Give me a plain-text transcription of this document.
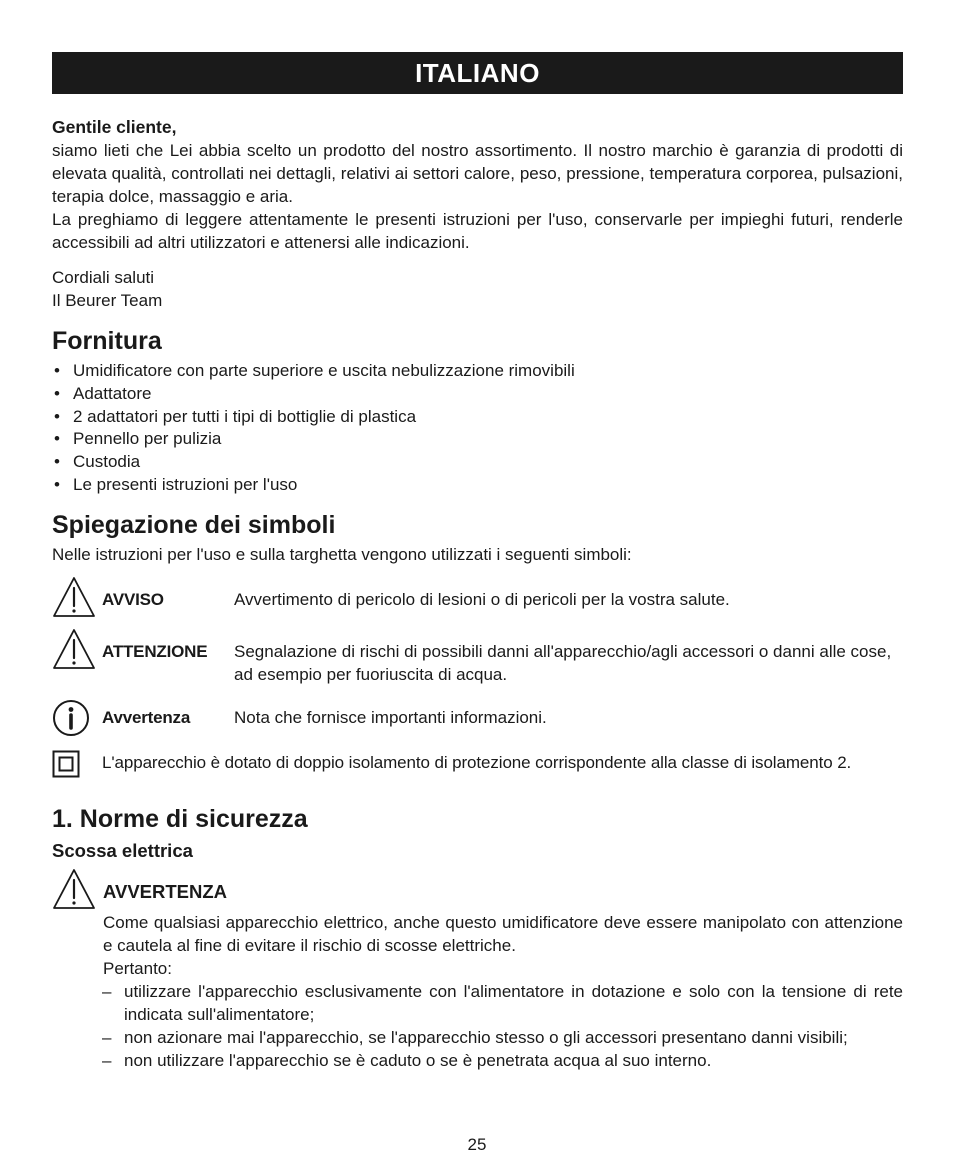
ITALIANO
Gentile cliente,

siamo lieti che Lei abbia scelto un prodotto del nostro assortimento. Il nostro marchio è garanzia di prodotti di elevata qualità, controllati nei dettagli, relativi ai settori calore, peso, pressione, temperatura corporea, pulsazioni, terapia dolce, massaggio e aria.

La preghiamo di leggere attentamente le presenti istruzioni per l'uso, conservarle per impieghi futuri, renderle accessibili ad altri utilizzatori e attenersi alle indicazioni.

Cordiali saluti
Il Beurer Team
Fornitura
• Umidificatore con parte superiore e uscita nebulizzazione rimovibili
• Adattatore
• 2 adattatori per tutti i tipi di bottiglie di plastica
• Pennello per pulizia
• Custodia
• Le presenti istruzioni per l'uso
Spiegazione dei simboli
Nelle istruzioni per l'uso e sulla targhetta vengono utilizzati i seguenti simboli:
AVVISO	Avvertimento di pericolo di lesioni o di pericoli per la vostra salute.
ATTENZIONE Segnalazione di rischi di possibili danni all'apparecchio/agli accessori o danni alle cose, ad esempio per fuoriuscita di acqua.
Avvertenza	Nota che fornisce importanti informazioni.
L'apparecchio è dotato di doppio isolamento di protezione corrispondente alla classe di isolamento 2.
1. Norme di sicurezza
Scossa elettrica
AVVERTENZA

Come qualsiasi apparecchio elettrico, anche questo umidificatore deve essere manipolato con attenzione e cautela al fine di evitare il rischio di scosse elettriche.

Pertanto:

– utilizzare l'apparecchio esclusivamente con l'alimentatore in dotazione e solo con la tensione di rete indicata sull'alimentatore;
– non azionare mai l'apparecchio, se l'apparecchio stesso o gli accessori presentano danni visibili;
– non utilizzare l'apparecchio se è caduto o se è penetrata acqua al suo interno.
25
